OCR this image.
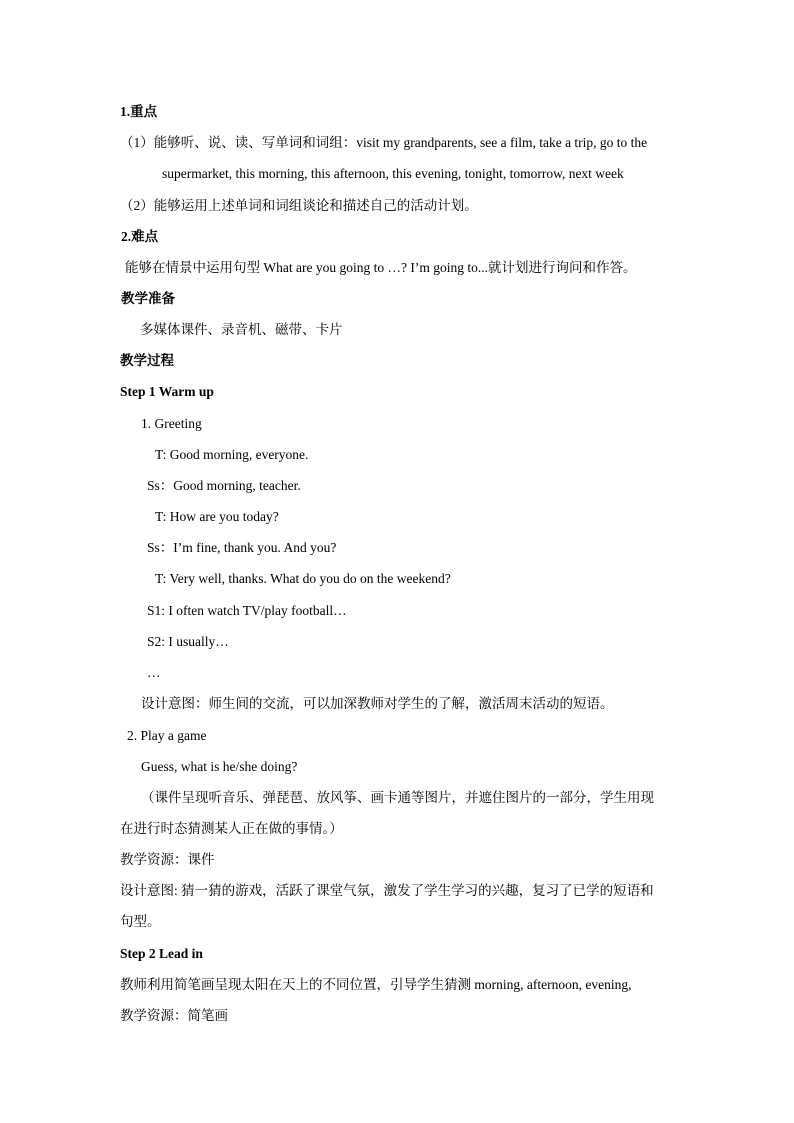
1.重点
（1）能够听、说、读、写单词和词组：visit my grandparents, see a film, take a trip, go to the
supermarket, this morning, this afternoon, this evening, tonight, tomorrow, next week
（2）能够运用上述单词和词组谈论和描述自己的活动计划。
2.难点
能够在情景中运用句型 What are you going to …? I’m going to...就计划进行询问和作答。
教学准备
多媒体课件、录音机、磁带、卡片
教学过程
Step 1 Warm up
1. Greeting
T: Good morning, everyone.
Ss：Good morning, teacher.
T: How are you today?
Ss：I’m fine, thank you. And you?
T: Very well, thanks. What do you do on the weekend?
S1: I often watch TV/play football…
S2: I usually…
…
设计意图：师生间的交流，可以加深教师对学生的了解，激活周末活动的短语。
2. Play a game
Guess, what is he/she doing?
（课件呈现听音乐、弹琵琶、放风筝、画卡通等图片，并遮住图片的一部分，学生用现
在进行时态猜测某人正在做的事情。）
教学资源：课件
设计意图: 猜一猜的游戏，活跃了课堂气氛，激发了学生学习的兴趣，复习了已学的短语和
句型。
Step 2 Lead in
教师利用简笔画呈现太阳在天上的不同位置，引导学生猜测 morning, afternoon, evening,
教学资源：简笔画
